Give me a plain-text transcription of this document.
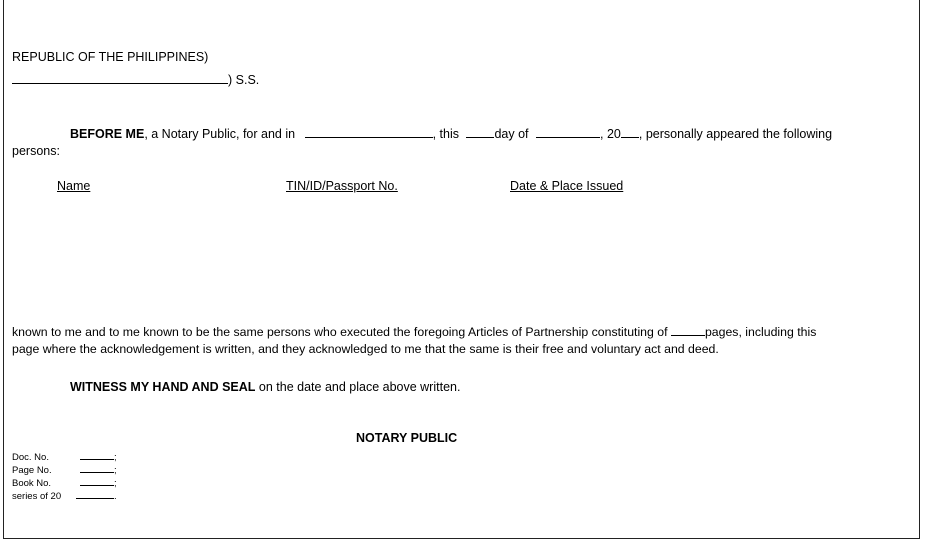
REPUBLIC OF THE PHILIPPINES)
) S.S.
BEFORE ME, a Notary Public, for and in	, this	day of	, 20 , personally appeared the following
persons:
Name	TIN/ID/Passport No.	Date & Place Issued
known to me and to me known to be the same persons who executed the foregoing Articles of Partnership constituting of	pages, including this
page where the acknowledgement is written, and they acknowledged to me that the same is their free and voluntary act and deed.
WITNESS MY HAND AND SEAL on the date and place above written.
NOTARY PUBLIC
Doc. No.	;
Page No.	;
Book No.	;
series of 20	.
